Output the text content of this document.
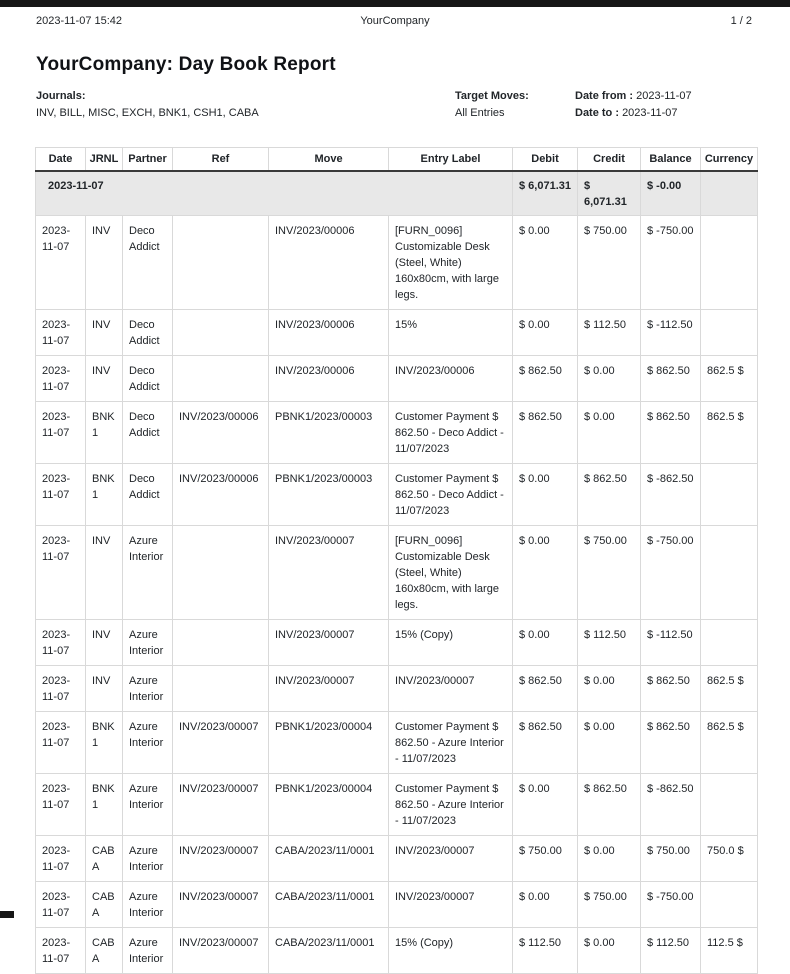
YourCompany
2023-11-07 15:42	1 / 2
YourCompany: Day Book Report
Journals:
INV, BILL, MISC, EXCH, BNK1, CSH1, CABA
Target Moves:
All Entries
Date from : 2023-11-07
Date to : 2023-11-07
Date	JRNL	Partner	Ref	Move	Entry Label	Debit	Credit	Balance	Currency
2023-11-07						$ 6,071.31	$ 6,071.31	$ -0.00	
2023-11-07	INV	Deco Addict		INV/2023/00006	[FURN_0096] Customizable Desk (Steel, White) 160x80cm, with large legs.	$ 0.00	$ 750.00	$ -750.00	
2023-11-07	INV	Deco Addict		INV/2023/00006	15%	$ 0.00	$ 112.50	$ -112.50	
2023-11-07	INV	Deco Addict		INV/2023/00006	INV/2023/00006	$ 862.50	$ 0.00	$ 862.50	862.5 $
2023-11-07	BNK1	Deco Addict	INV/2023/00006	PBNK1/2023/00003	Customer Payment $ 862.50 - Deco Addict - 11/07/2023	$ 862.50	$ 0.00	$ 862.50	862.5 $
2023-11-07	BNK1	Deco Addict	INV/2023/00006	PBNK1/2023/00003	Customer Payment $ 862.50 - Deco Addict - 11/07/2023	$ 0.00	$ 862.50	$ -862.50	
2023-11-07	INV	Azure Interior		INV/2023/00007	[FURN_0096] Customizable Desk (Steel, White) 160x80cm, with large legs.	$ 0.00	$ 750.00	$ -750.00	
2023-11-07	INV	Azure Interior		INV/2023/00007	15% (Copy)	$ 0.00	$ 112.50	$ -112.50	
2023-11-07	INV	Azure Interior		INV/2023/00007	INV/2023/00007	$ 862.50	$ 0.00	$ 862.50	862.5 $
2023-11-07	BNK1	Azure Interior	INV/2023/00007	PBNK1/2023/00004	Customer Payment $ 862.50 - Azure Interior - 11/07/2023	$ 862.50	$ 0.00	$ 862.50	862.5 $
2023-11-07	BNK1	Azure Interior	INV/2023/00007	PBNK1/2023/00004	Customer Payment $ 862.50 - Azure Interior - 11/07/2023	$ 0.00	$ 862.50	$ -862.50	
2023-11-07	CABA	Azure Interior	INV/2023/00007	CABA/2023/11/0001	INV/2023/00007	$ 750.00	$ 0.00	$ 750.00	750.0 $
2023-11-07	CABA	Azure Interior	INV/2023/00007	CABA/2023/11/0001	INV/2023/00007	$ 0.00	$ 750.00	$ -750.00	
2023-11-07	CABA	Azure Interior	INV/2023/00007	CABA/2023/11/0001	15% (Copy)	$ 112.50	$ 0.00	$ 112.50	112.5 $
